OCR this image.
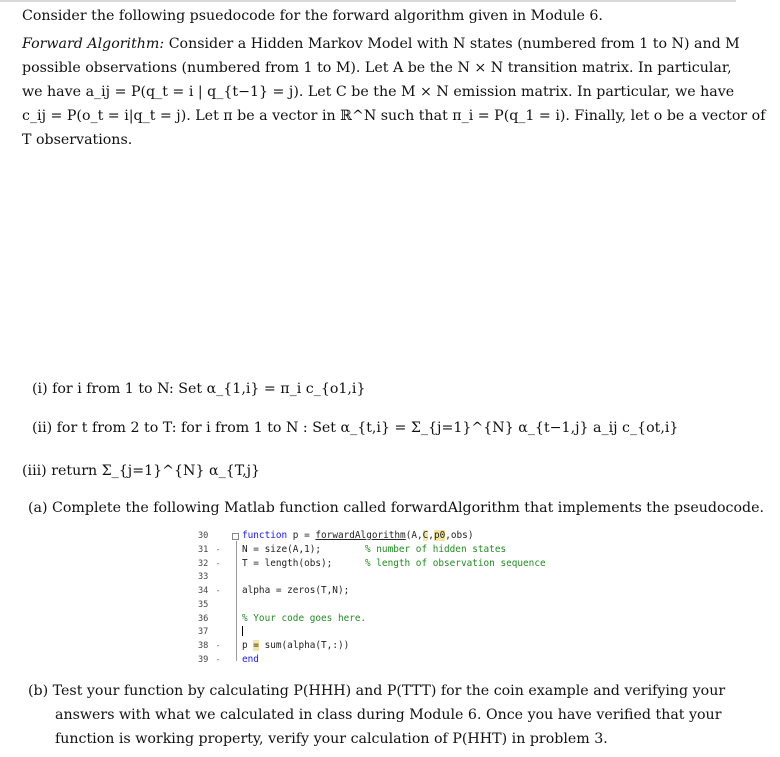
Consider the following psuedocode for the forward algorithm given in Module 6.
Forward Algorithm: Consider a Hidden Markov Model with N states (numbered from 1 to N) and M
possible observations (numbered from 1 to M). Let A be the N × N transition matrix. In particular,
we have a_ij = P(q_t = i | q_{t−1} = j). Let C be the M × N emission matrix. In particular, we have
c_ij = P(o_t = i|q_t = j). Let π be a vector in ℝ^N such that π_i = P(q_1 = i). Finally, let o be a vector of
T observations.
(i) for i from 1 to N: Set α_{1,i} = π_i c_{o1,i}
(ii) for t from 2 to T: for i from 1 to N : Set α_{t,i} = Σ_{j=1}^{N} α_{t−1,j} a_ij c_{ot,i}
(iii) return Σ_{j=1}^{N} α_{T,j}
(a) Complete the following Matlab function called forwardAlgorithm that implements the pseudocode.
30
31 -
32 -
33
34 -
35
36
37
38 -
39 -
function p = forwardAlgorithm(A,C,p0,obs)
N = size(A,1);	% number of hidden states
T = length(obs);	% length of observation sequence
alpha = zeros(T,N);
% Your code goes here.
p = sum(alpha(T,:))
end
(b) Test your function by calculating P(HHH) and P(TTT) for the coin example and verifying your
answers with what we calculated in class during Module 6. Once you have verified that your
function is working property, verify your calculation of P(HHT) in problem 3.
